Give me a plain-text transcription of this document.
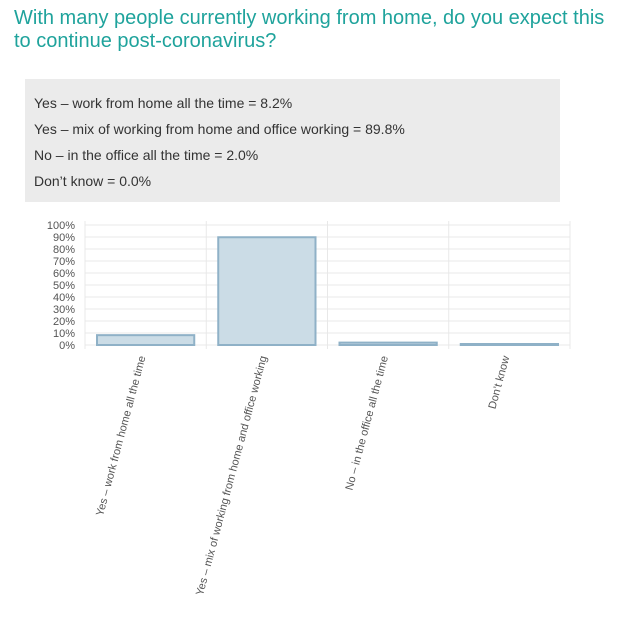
With many people currently working from home, do you expect this to continue post-coronavirus?
Yes – work from home all the time = 8.2%
Yes – mix of working from home and office working = 89.8%
No – in the office all the time = 2.0%
Don’t know = 0.0%
0%
10%
20%
30%
40%
50%
60%
70%
80%
90%
100%
Yes – work from home all the time	Yes – mix of working from home and office working	No – in the office all the time	Don’t know
